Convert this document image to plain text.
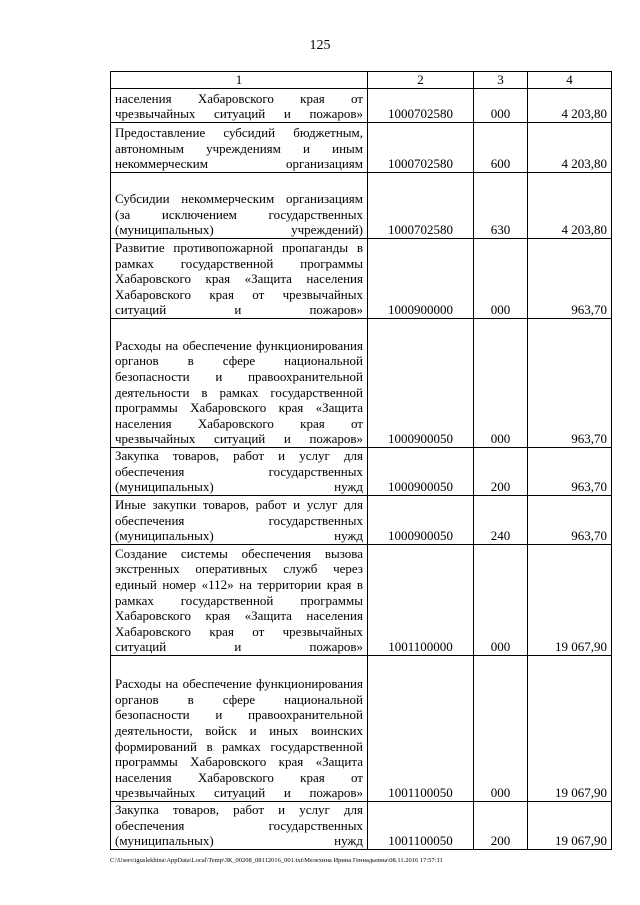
125
1	2	3	4
населения Хабаровского края от чрезвычайных ситуаций и пожаров»	1000702580	000	4 203,80
Предоставление субсидий бюджетным, автономным учреждениям и иным некоммерческим организациям	1000702580	600	4 203,80
Субсидии некоммерческим организациям (за исключением государственных (муниципальных) учреждений)	1000702580	630	4 203,80
Развитие противопожарной пропаганды в рамках государственной программы Хабаровского края «Защита населения Хабаровского края от чрезвычайных ситуаций и пожаров»	1000900000	000	963,70
Расходы на обеспечение функционирования органов в сфере национальной безопасности и правоохранительной деятельности в рамках государственной программы Хабаровского края «Защита населения Хабаровского края от чрезвычайных ситуаций и пожаров»	1000900050	000	963,70
Закупка товаров, работ и услуг для обеспечения государственных (муниципальных) нужд	1000900050	200	963,70
Иные закупки товаров, работ и услуг для обеспечения государственных (муниципальных) нужд	1000900050	240	963,70
Создание системы обеспечения вызова экстренных оперативных служб через единый номер «112» на территории края в рамках государственной программы Хабаровского края «Защита населения Хабаровского края от чрезвычайных ситуаций и пожаров»	1001100000	000	19 067,90
Расходы на обеспечение функционирования органов в сфере национальной безопасности и правоохранительной деятельности, войск и иных воинских формирований в рамках государственной программы Хабаровского края «Защита населения Хабаровского края от чрезвычайных ситуаций и пожаров»	1001100050	000	19 067,90
Закупка товаров, работ и услуг для обеспечения государственных (муниципальных) нужд	1001100050	200	19 067,90
C:\Users\iguslekhina\AppData\Local\Temp\ЗК_00208_08112016_001.txt\Мелехина Ирина Геннадьевна\08.11.2016 17:57:11
